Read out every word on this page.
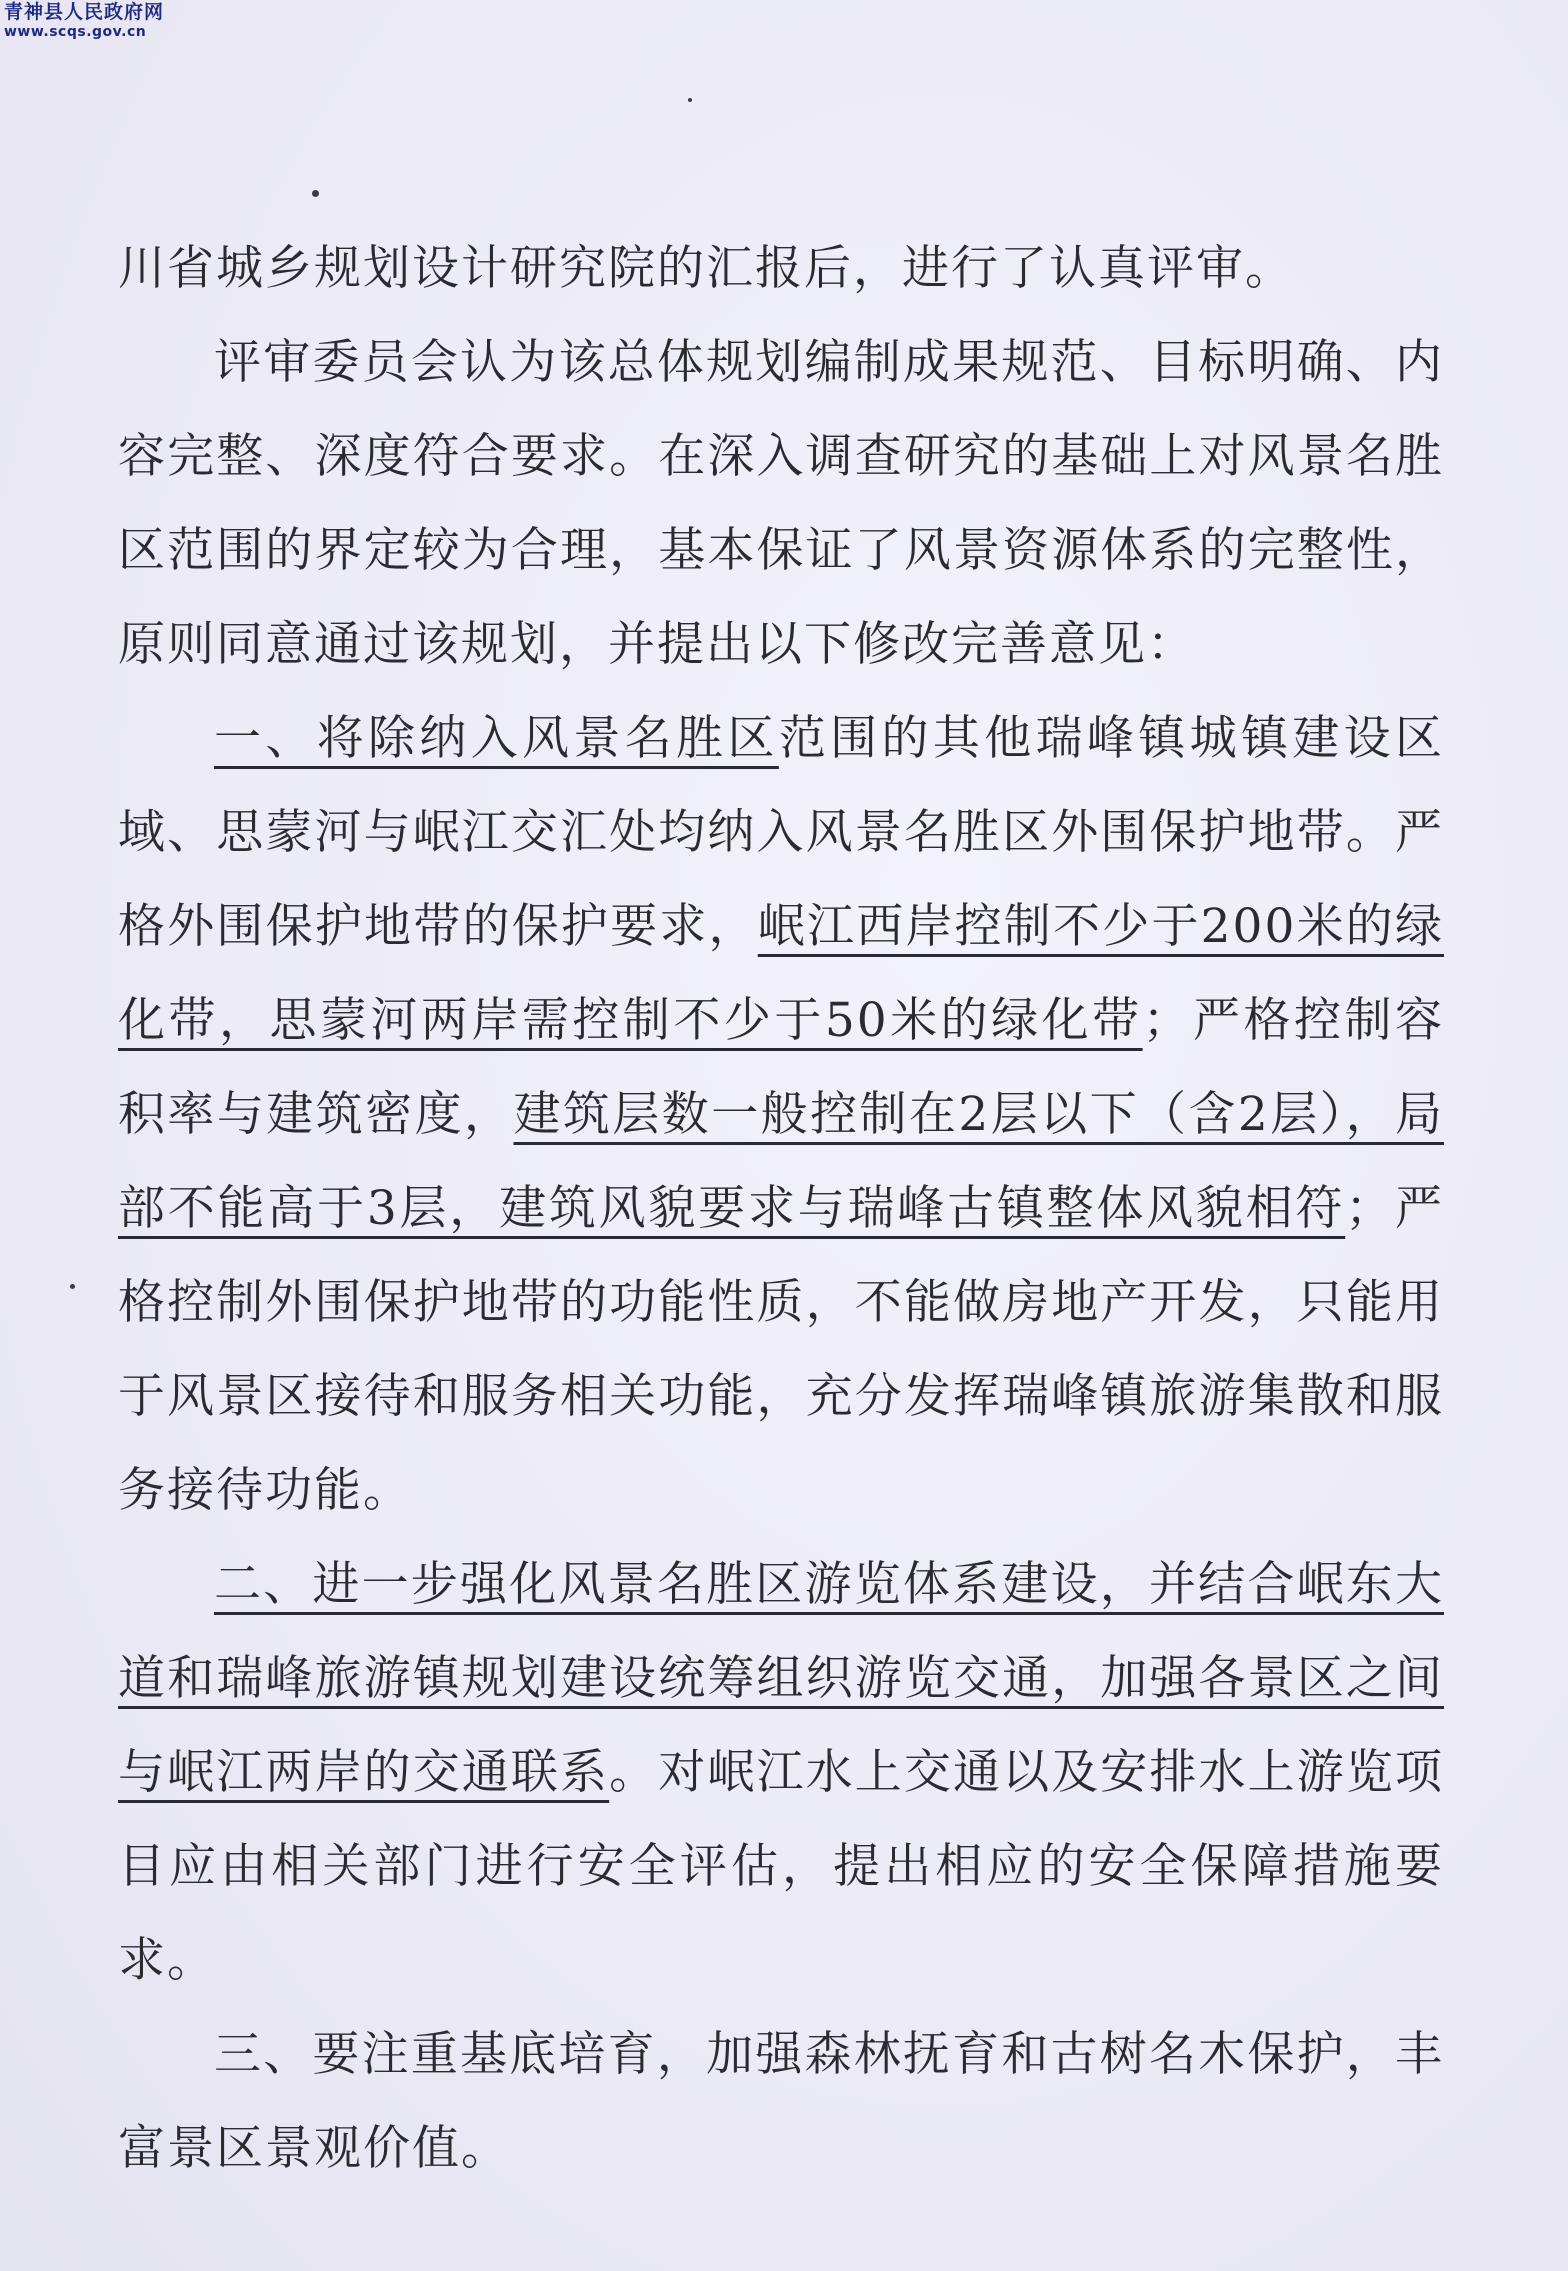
青神县人民政府网
www.scqs.gov.cn

川省城乡规划设计研究院的汇报后，进行了认真评审。

评审委员会认为该总体规划编制成果规范、目标明确、内容完整、深度符合要求。在深入调查研究的基础上对风景名胜区范围的界定较为合理，基本保证了风景资源体系的完整性，原则同意通过该规划，并提出以下修改完善意见：

一、将除纳入风景名胜区范围的其他瑞峰镇城镇建设区域、思蒙河与岷江交汇处均纳入风景名胜区外围保护地带。严格外围保护地带的保护要求，岷江西岸控制不少于200米的绿化带，思蒙河两岸需控制不少于50米的绿化带；严格控制容积率与建筑密度，建筑层数一般控制在2层以下（含2层），局部不能高于3层，建筑风貌要求与瑞峰古镇整体风貌相符；严格控制外围保护地带的功能性质，不能做房地产开发，只能用于风景区接待和服务相关功能，充分发挥瑞峰镇旅游集散和服务接待功能。

二、进一步强化风景名胜区游览体系建设，并结合岷东大道和瑞峰旅游镇规划建设统筹组织游览交通，加强各景区之间与岷江两岸的交通联系。对岷江水上交通以及安排水上游览项目应由相关部门进行安全评估，提出相应的安全保障措施要求。

三、要注重基底培育，加强森林抚育和古树名木保护，丰富景区景观价值。
